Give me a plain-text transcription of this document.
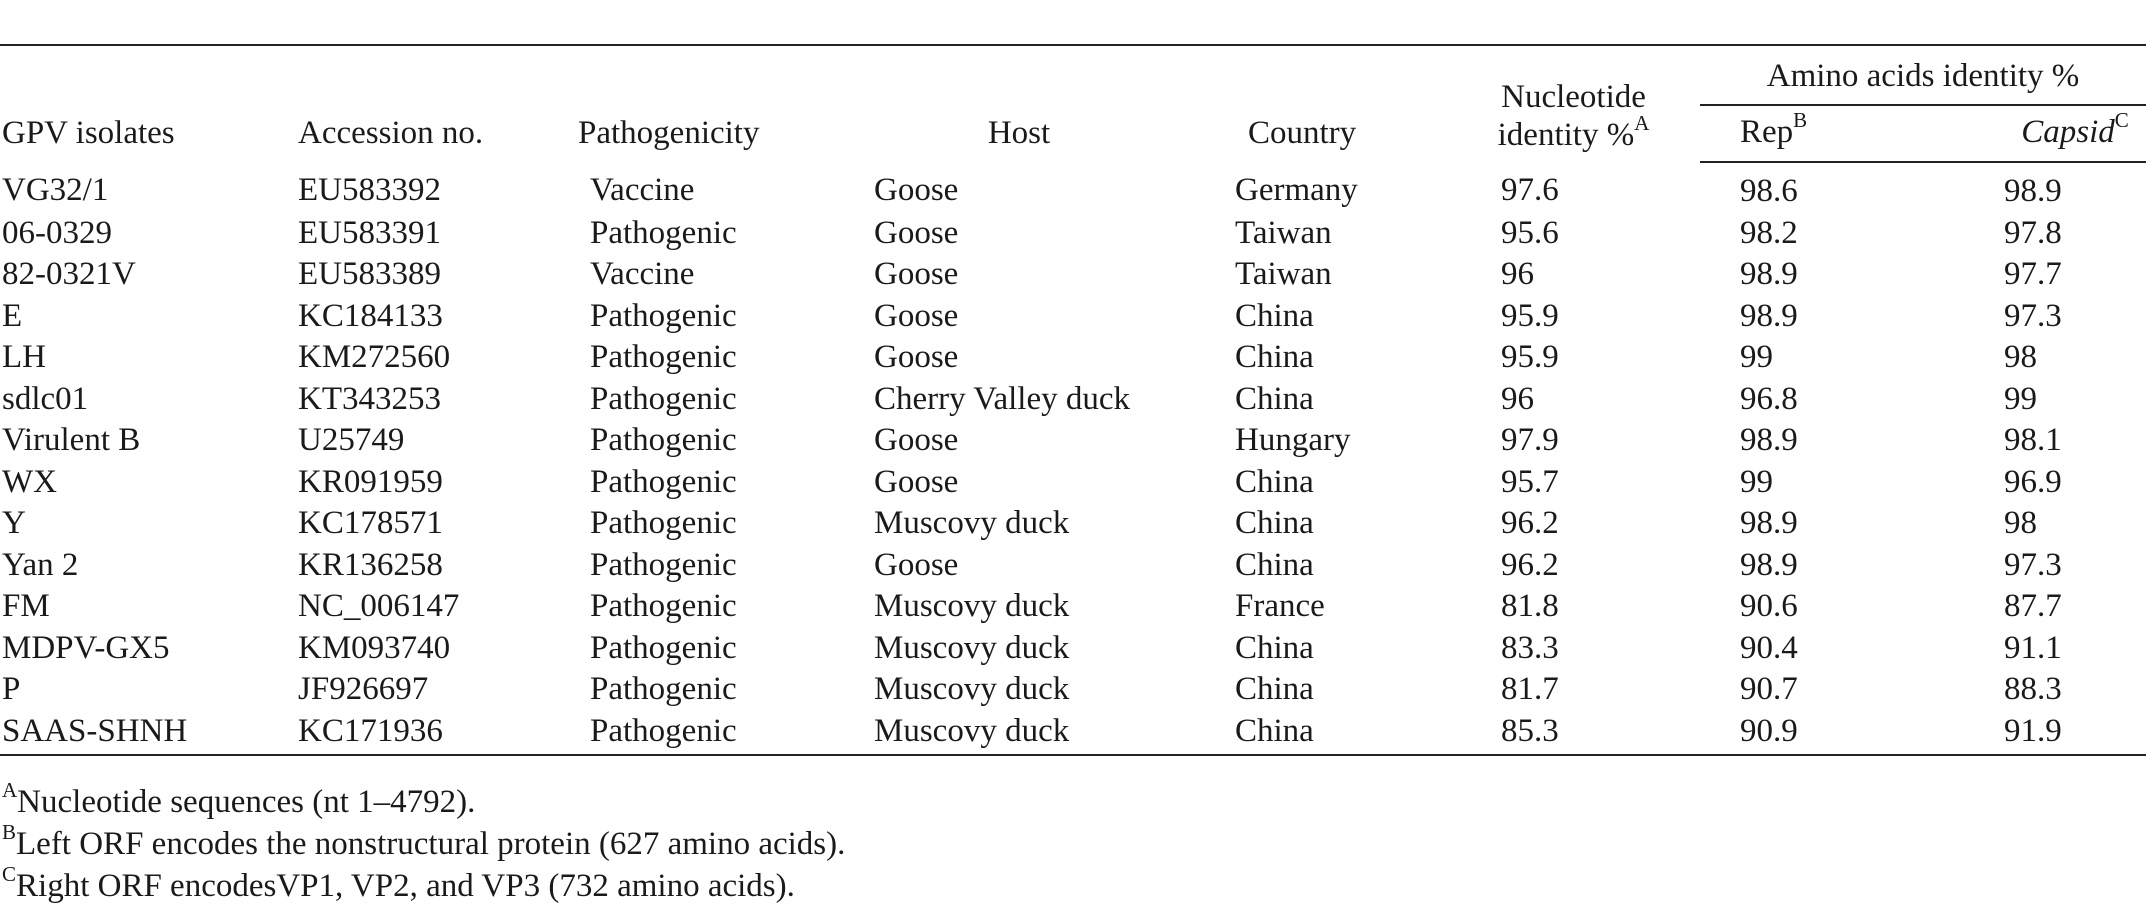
GPV isolates	Accession no.	Pathogenicity	Host	Country	Nucleotide
identity %$^A$	Amino acids identity %	
						Rep$^B$	Capsid$^C$
VG32/1	EU583392	Vaccine	Goose	Germany	97.6	98.6	98.9
06-0329	EU583391	Pathogenic	Goose	Taiwan	95.6	98.2	97.8
82-0321V	EU583389	Vaccine	Goose	Taiwan	96	98.9	97.7
E	KC184133	Pathogenic	Goose	China	95.9	98.9	97.3
LH	KM272560	Pathogenic	Goose	China	95.9	99	98
sdlc01	KT343253	Pathogenic	Cherry Valley duck	China	96	96.8	99
Virulent B	U25749	Pathogenic	Goose	Hungary	97.9	98.9	98.1
WX	KR091959	Pathogenic	Goose	China	95.7	99	96.9
Y	KC178571	Pathogenic	Muscovy duck	China	96.2	98.9	98
Yan 2	KR136258	Pathogenic	Goose	China	96.2	98.9	97.3
FM	NC_006147	Pathogenic	Muscovy duck	France	81.8	90.6	87.7
MDPV-GX5	KM093740	Pathogenic	Muscovy duck	China	83.3	90.4	91.1
P	JF926697	Pathogenic	Muscovy duck	China	81.7	90.7	88.3
SAAS-SHNH	KC171936	Pathogenic	Muscovy duck	China	85.3	90.9	91.9
$^A$Nucleotide sequences (nt 1–4792).
$^B$Left ORF encodes the nonstructural protein (627 amino acids).
$^C$Right ORF encodesVP1, VP2, and VP3 (732 amino acids).
